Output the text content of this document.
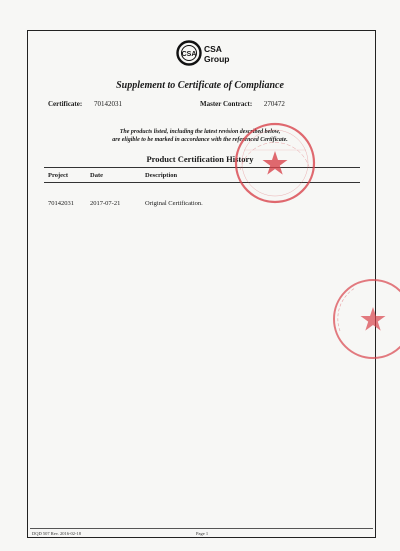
CSA
CSA
Group
Supplement to Certificate of Compliance
Certificate: 70142031	Master Contract: 270472
The products listed, including the latest revision described below,
are eligible to be marked in accordance with the referenced Certificate.
Product Certification History
Project	Date	Description
70142031 2017-07-21	Original Certification.
DQD 507 Rev. 2016-02-18	Page 1
